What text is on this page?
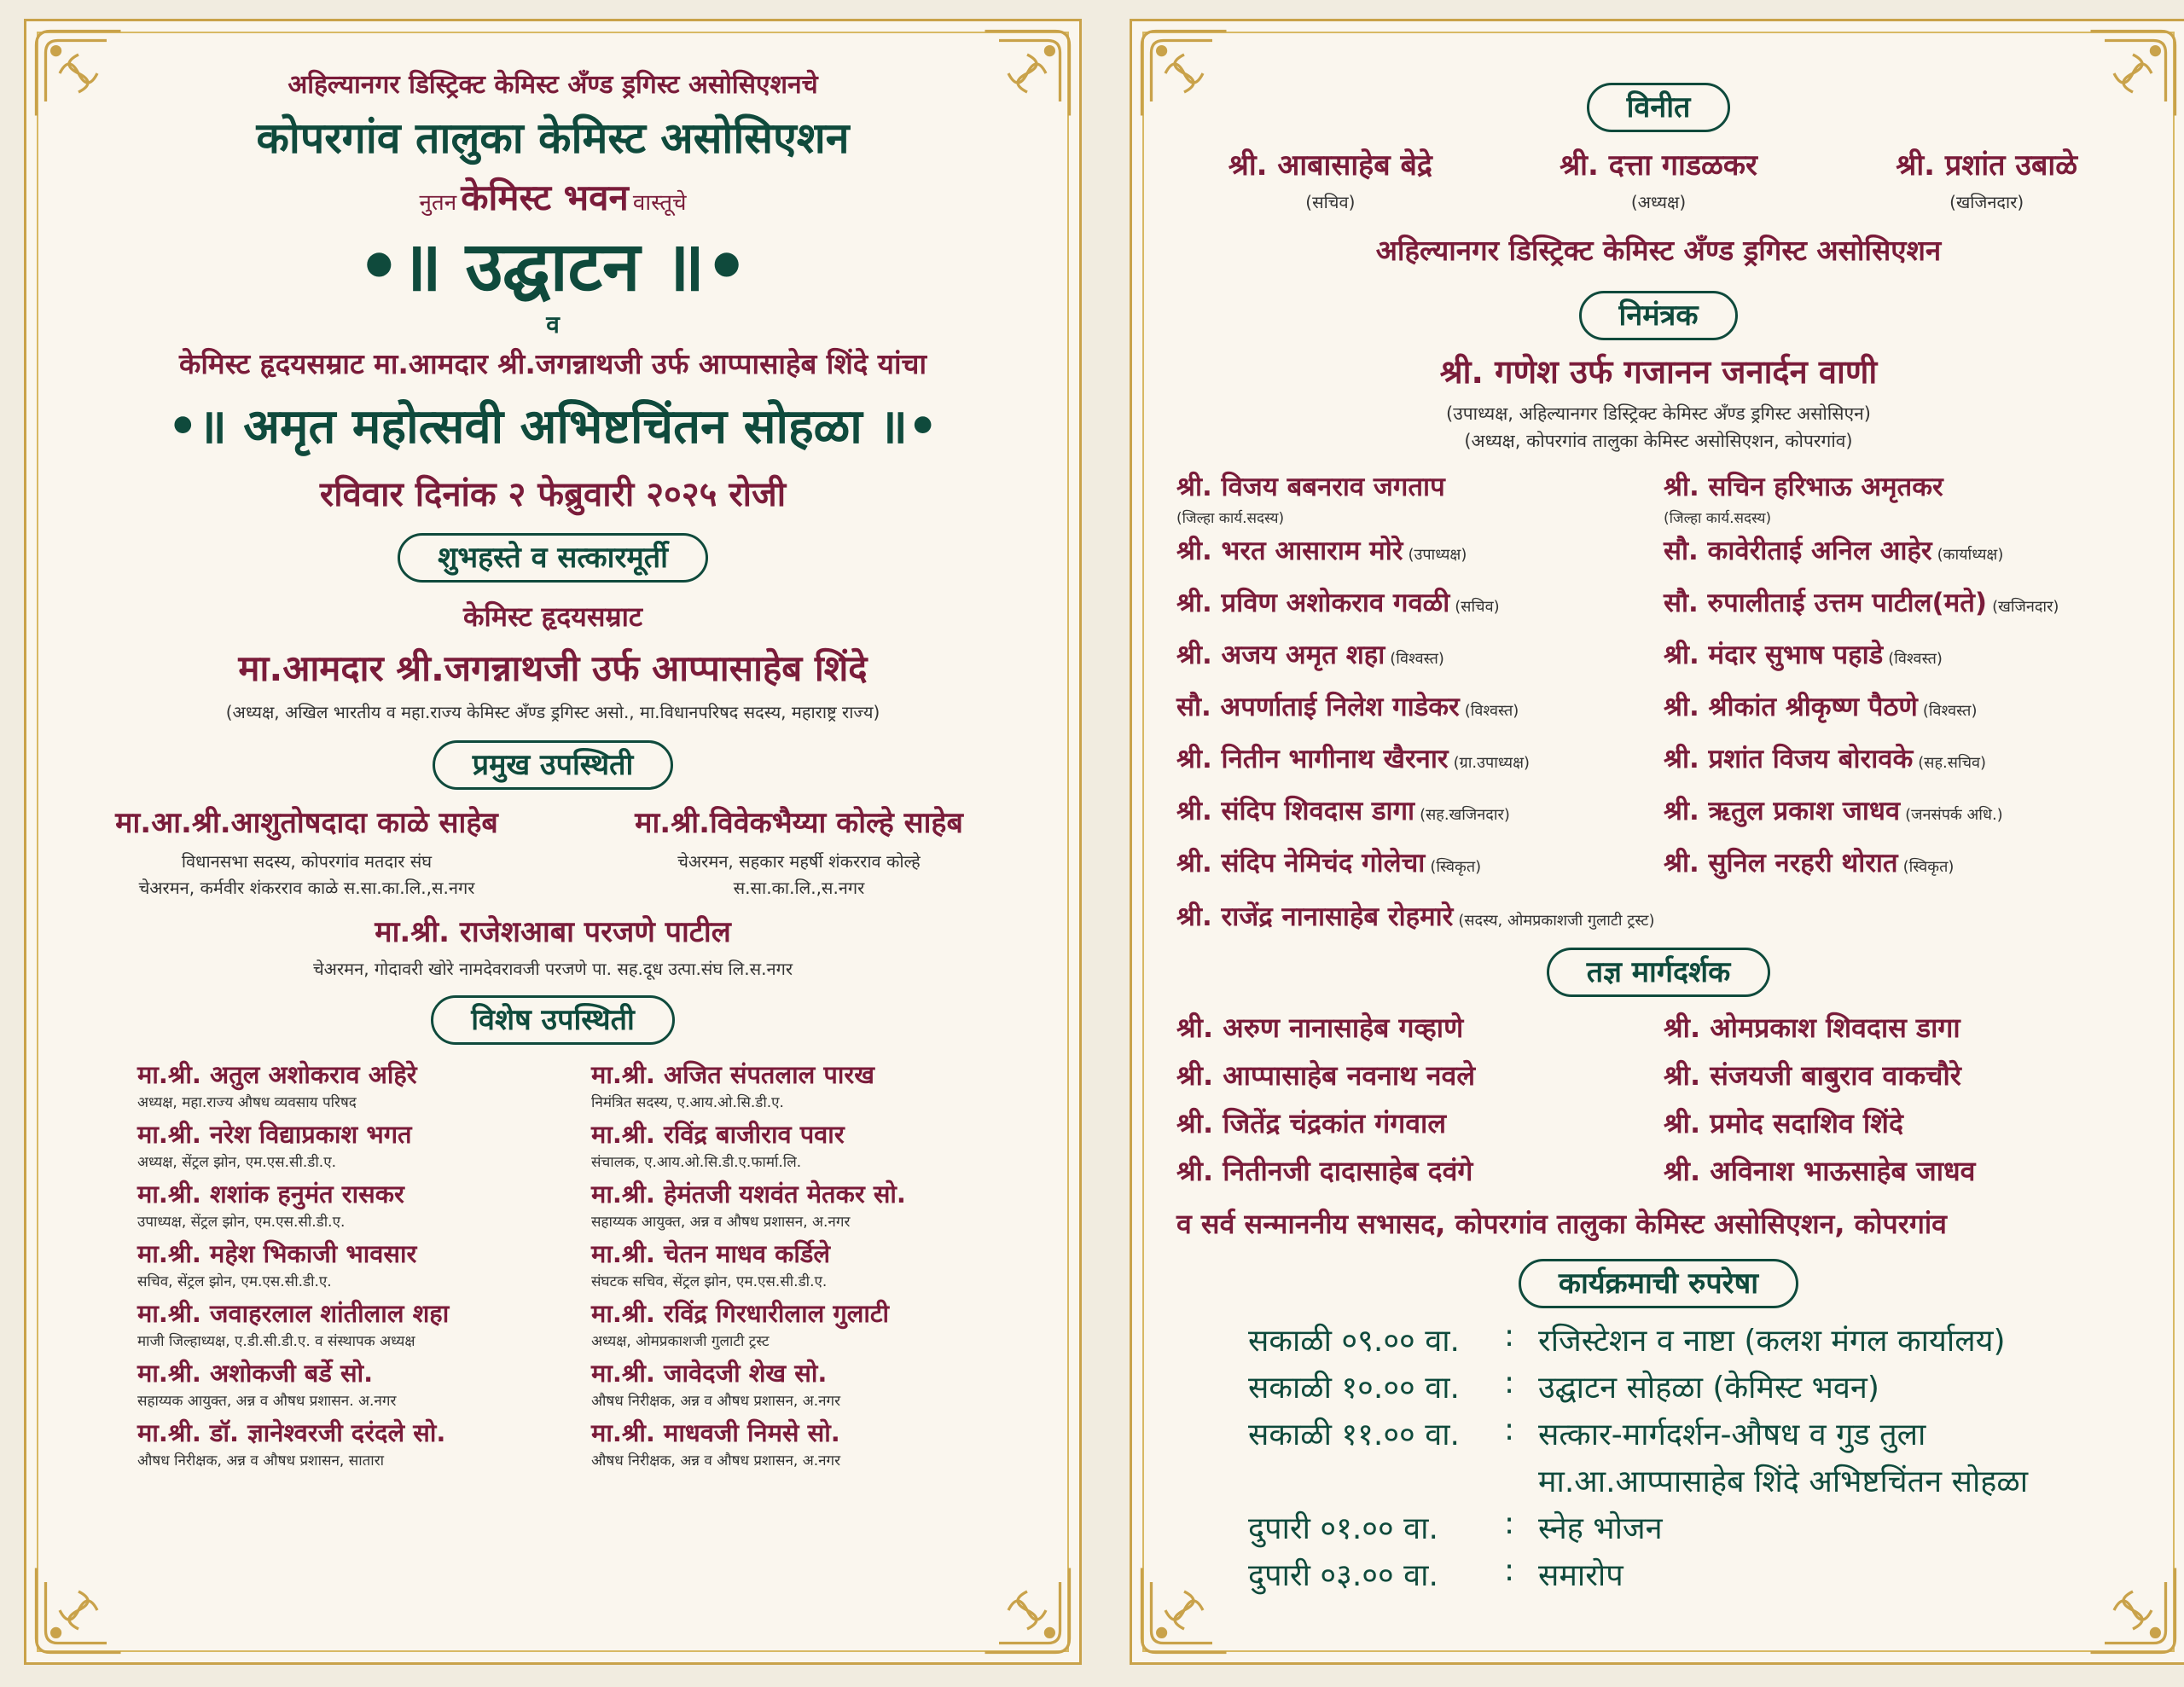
अहिल्यानगर डिस्ट्रिक्ट केमिस्ट अँण्ड ड्रगिस्ट असोसिएशनचे
कोपरगांव तालुका केमिस्ट असोसिएशन
नुतन केमिस्ट भवन वास्तूचे
•॥ उद्घाटन ॥•
व
केमिस्ट हृदयसम्राट मा.आमदार श्री.जगन्नाथजी उर्फ आप्पासाहेब शिंदे यांचा
•॥ अमृत महोत्सवी अभिष्टचिंतन सोहळा ॥•
रविवार दिनांक २ फेब्रुवारी २०२५ रोजी
शुभहस्ते व सत्कारमूर्ती
केमिस्ट हृदयसम्राट
मा.आमदार श्री.जगन्नाथजी उर्फ आप्पासाहेब शिंदे
(अध्यक्ष, अखिल भारतीय व महा.राज्य केमिस्ट अँण्ड ड्रगिस्ट असो., मा.विधानपरिषद सदस्य, महाराष्ट्र राज्य)
प्रमुख उपस्थिती
मा.आ.श्री.आशुतोषदादा काळे साहेब
विधानसभा सदस्य, कोपरगांव मतदार संघ
चेअरमन, कर्मवीर शंकरराव काळे स.सा.का.लि.,स.नगर
मा.श्री.विवेकभैय्या कोल्हे साहेब
चेअरमन, सहकार महर्षी शंकरराव कोल्हे
स.सा.का.लि.,स.नगर
मा.श्री. राजेशआबा परजणे पाटील
चेअरमन, गोदावरी खोरे नामदेवरावजी परजणे पा. सह.दूध उत्पा.संघ लि.स.नगर
विशेष उपस्थिती
मा.श्री. अतुल अशोकराव अहिरे
अध्यक्ष, महा.राज्य औषध व्यवसाय परिषद
मा.श्री. नरेश विद्याप्रकाश भगत
अध्यक्ष, सेंट्रल झोन, एम.एस.सी.डी.ए.
मा.श्री. शशांक हनुमंत रासकर
उपाध्यक्ष, सेंट्रल झोन, एम.एस.सी.डी.ए.
मा.श्री. महेश भिकाजी भावसार
सचिव, सेंट्रल झोन, एम.एस.सी.डी.ए.
मा.श्री. जवाहरलाल शांतीलाल शहा
माजी जिल्हाध्यक्ष, ए.डी.सी.डी.ए. व संस्थापक अध्यक्ष
मा.श्री. अशोकजी बर्डे सो.
सहाय्यक आयुक्त, अन्न व औषध प्रशासन. अ.नगर
मा.श्री. डॉ. ज्ञानेश्वरजी दरंदले सो.
औषध निरीक्षक, अन्न व औषध प्रशासन, सातारा
मा.श्री. अजित संपतलाल पारख
निमंत्रित सदस्य, ए.आय.ओ.सि.डी.ए.
मा.श्री. रविंद्र बाजीराव पवार
संचालक, ए.आय.ओ.सि.डी.ए.फार्मा.लि.
मा.श्री. हेमंतजी यशवंत मेतकर सो.
सहाय्यक आयुक्त, अन्न व औषध प्रशासन, अ.नगर
मा.श्री. चेतन माधव कर्डिले
संघटक सचिव, सेंट्रल झोन, एम.एस.सी.डी.ए.
मा.श्री. रविंद्र गिरधारीलाल गुलाटी
अध्यक्ष, ओमप्रकाशजी गुलाटी ट्रस्ट
मा.श्री. जावेदजी शेख सो.
औषध निरीक्षक, अन्न व औषध प्रशासन, अ.नगर
मा.श्री. माधवजी निमसे सो.
औषध निरीक्षक, अन्न व औषध प्रशासन, अ.नगर
विनीत
श्री. आबासाहेब बेद्रे
(सचिव)
श्री. दत्ता गाडळकर
(अध्यक्ष)
श्री. प्रशांत उबाळे
(खजिनदार)
अहिल्यानगर डिस्ट्रिक्ट केमिस्ट अँण्ड ड्रगिस्ट असोसिएशन
निमंत्रक
श्री. गणेश उर्फ गजानन जनार्दन वाणी
(उपाध्यक्ष, अहिल्यानगर डिस्ट्रिक्ट केमिस्ट अँण्ड ड्रगिस्ट असोसिएन)
(अध्यक्ष, कोपरगांव तालुका केमिस्ट असोसिएशन, कोपरगांव)
श्री. विजय बबनराव जगताप
(जिल्हा कार्य.सदस्य)
श्री. सचिन हरिभाऊ अमृतकर
(जिल्हा कार्य.सदस्य)
श्री. भरत आसाराम मोरे (उपाध्यक्ष)
श्री. प्रविण अशोकराव गवळी (सचिव)
श्री. अजय अमृत शहा (विश्वस्त)
सौ. अपर्णाताई निलेश गाडेकर (विश्वस्त)
श्री. नितीन भागीनाथ खैरनार (ग्रा.उपाध्यक्ष)
श्री. संदिप शिवदास डागा (सह.खजिनदार)
श्री. संदिप नेमिचंद गोलेचा (स्विकृत)
सौ. कावेरीताई अनिल आहेर (कार्याध्यक्ष)
सौ. रुपालीताई उत्तम पाटील(मते) (खजिनदार)
श्री. मंदार सुभाष पहाडे (विश्वस्त)
श्री. श्रीकांत श्रीकृष्ण पैठणे (विश्वस्त)
श्री. प्रशांत विजय बोरावके (सह.सचिव)
श्री. ऋतुल प्रकाश जाधव (जनसंपर्क अधि.)
श्री. सुनिल नरहरी थोरात (स्विकृत)
श्री. राजेंद्र नानासाहेब रोहमारे (सदस्य, ओमप्रकाशजी गुलाटी ट्रस्ट)
तज्ञ मार्गदर्शक
श्री. अरुण नानासाहेब गव्हाणे
श्री. आप्पासाहेब नवनाथ नवले
श्री. जितेंद्र चंद्रकांत गंगवाल
श्री. नितीनजी दादासाहेब दवंगे
श्री. ओमप्रकाश शिवदास डागा
श्री. संजयजी बाबुराव वाकचौरे
श्री. प्रमोद सदाशिव शिंदे
श्री. अविनाश भाऊसाहेब जाधव
व सर्व सन्माननीय सभासद, कोपरगांव तालुका केमिस्ट असोसिएशन, कोपरगांव
कार्यक्रमाची रुपरेषा
सकाळी ०९.०० वा.	: रजिस्टेशन व नाष्टा (कलश मंगल कार्यालय)
सकाळी १०.०० वा.	: उद्घाटन सोहळा (केमिस्ट भवन)
सकाळी ११.०० वा.	: सत्कार-मार्गदर्शन-औषध व गुड तुला
मा.आ.आप्पासाहेब शिंदे अभिष्टचिंतन सोहळा
दुपारी ०१.०० वा.	: स्नेह भोजन
दुपारी ०३.०० वा.	: समारोप
